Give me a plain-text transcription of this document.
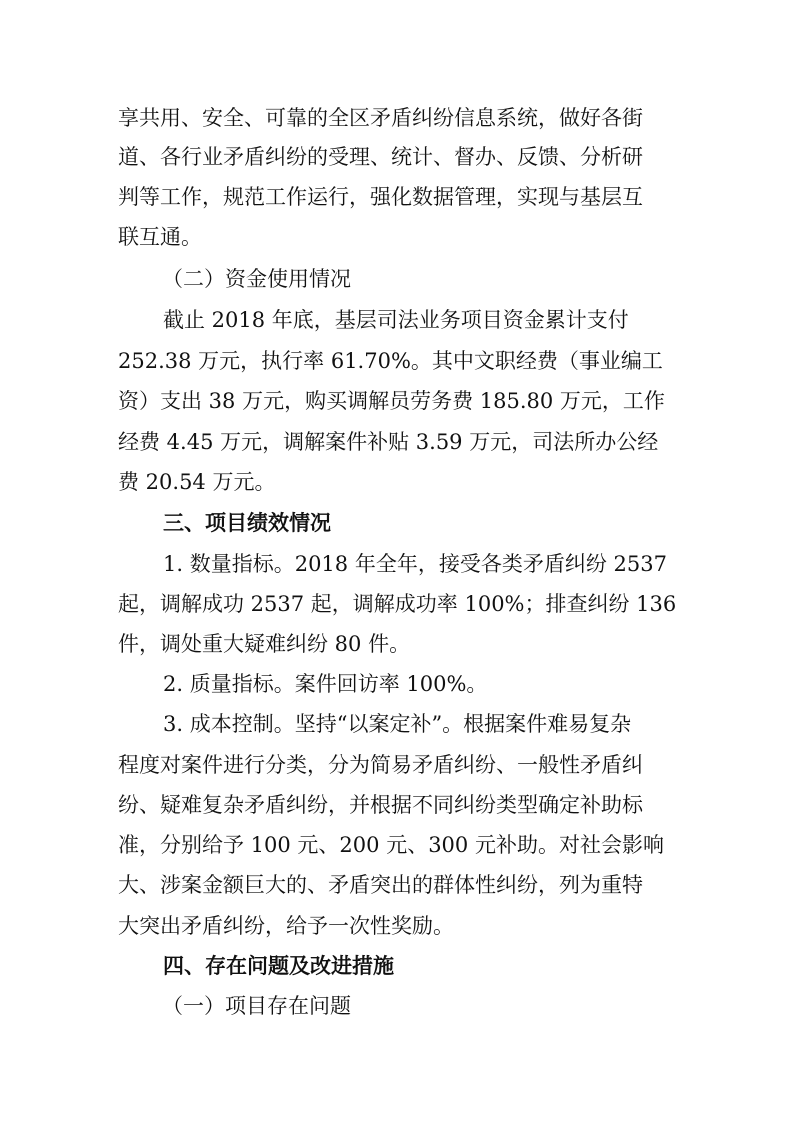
享共用、安全、可靠的全区矛盾纠纷信息系统，做好各街
道、各行业矛盾纠纷的受理、统计、督办、反馈、分析研
判等工作，规范工作运行，强化数据管理，实现与基层互
联互通。
（二）资金使用情况
截止 2018 年底，基层司法业务项目资金累计支付
252.38 万元，执行率 61.70%。其中文职经费（事业编工
资）支出 38 万元，购买调解员劳务费 185.80 万元，工作
经费 4.45 万元，调解案件补贴 3.59 万元，司法所办公经
费 20.54 万元。
三、项目绩效情况
1. 数量指标。2018 年全年，接受各类矛盾纠纷 2537
起，调解成功 2537 起，调解成功率 100%；排查纠纷 136
件，调处重大疑难纠纷 80 件。
2. 质量指标。案件回访率 100%。
3. 成本控制。坚持“以案定补”。根据案件难易复杂
程度对案件进行分类，分为简易矛盾纠纷、一般性矛盾纠
纷、疑难复杂矛盾纠纷，并根据不同纠纷类型确定补助标
准，分别给予 100 元、200 元、300 元补助。对社会影响
大、涉案金额巨大的、矛盾突出的群体性纠纷，列为重特
大突出矛盾纠纷，给予一次性奖励。
四、存在问题及改进措施
（一）项目存在问题
